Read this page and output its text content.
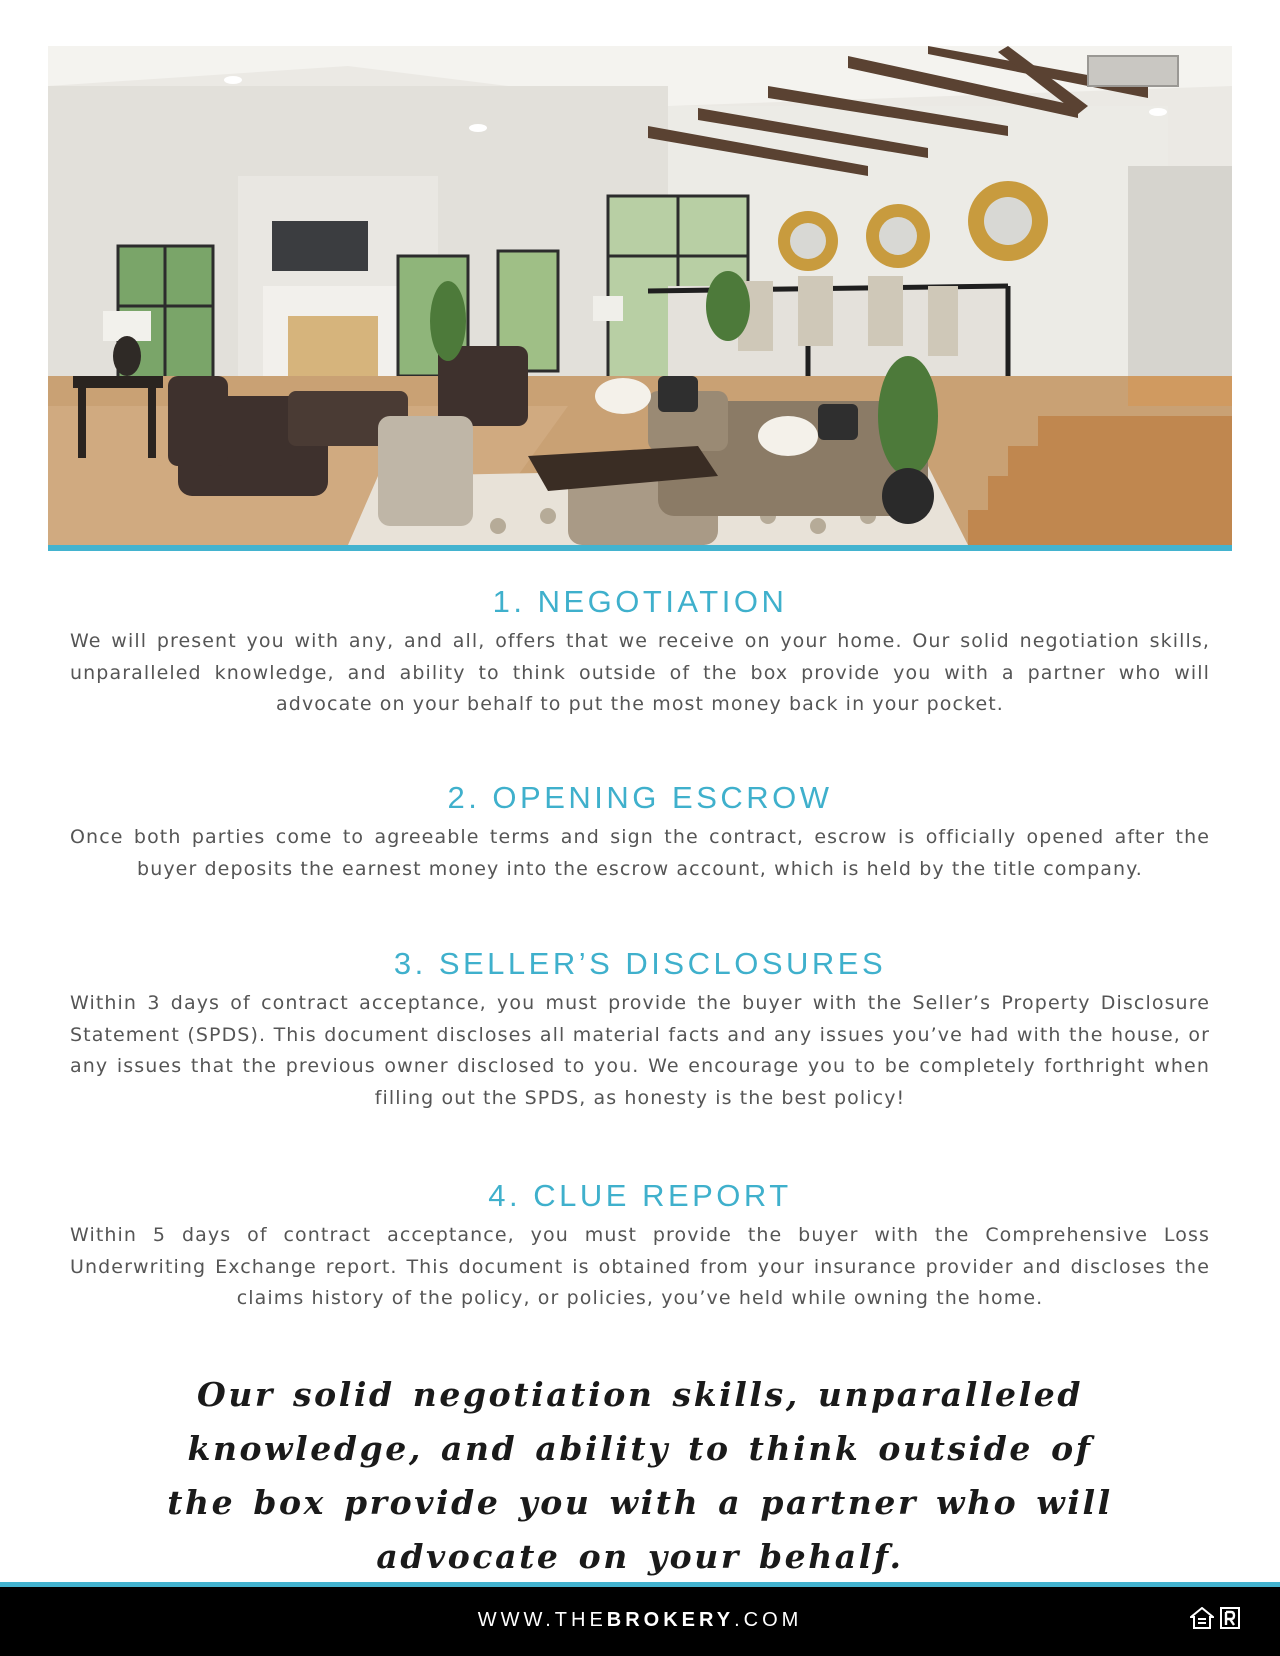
1. NEGOTIATION

We will present you with any, and all, offers that we receive on your home. Our solid negotiation skills, unparalleled knowledge, and ability to think outside of the box provide you with a partner who will advocate on your behalf to put the most money back in your pocket.

2. OPENING ESCROW

Once both parties come to agreeable terms and sign the contract, escrow is officially opened after the buyer deposits the earnest money into the escrow account, which is held by the title company.

3. SELLER’S DISCLOSURES

Within 3 days of contract acceptance, you must provide the buyer with the Seller’s Property Disclosure Statement (SPDS). This document discloses all material facts and any issues you’ve had with the house, or any issues that the previous owner disclosed to you. We encourage you to be completely forthright when filling out the SPDS, as honesty is the best policy!

4. CLUE REPORT

Within 5 days of contract acceptance, you must provide the buyer with the Comprehensive Loss Underwriting Exchange report. This document is obtained from your insurance provider and discloses the claims history of the policy, or policies, you’ve held while owning the home.

Our solid negotiation skills, unparalleled knowledge, and ability to think outside of the box provide you with a partner who will advocate on your behalf.
WWW.THEBROKERY.COM
